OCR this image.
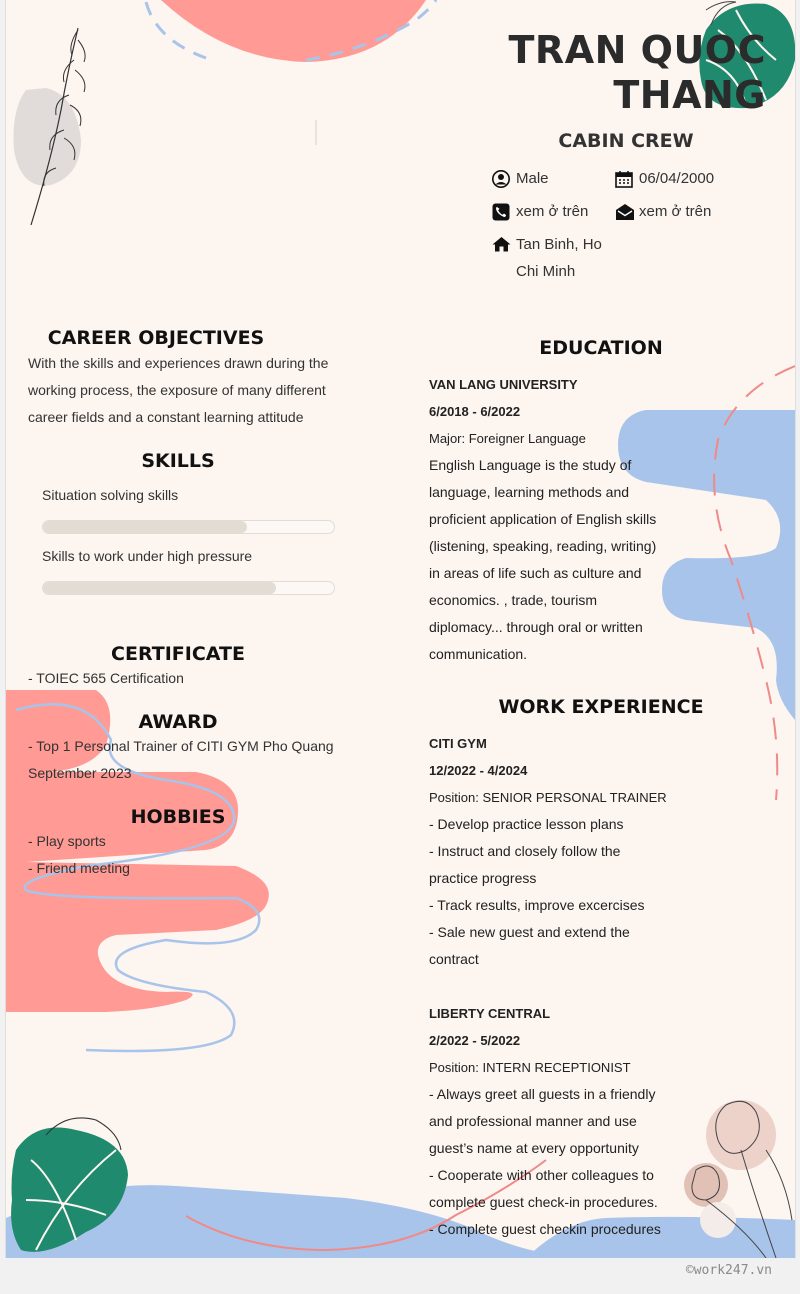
TRAN QUOC
THANG
CABIN CREW
Male	06/04/2000
xem ở trên	xem ở trên
Tan Binh, Ho
Chi Minh
CAREER OBJECTIVES
With the skills and experiences drawn during the
working process, the exposure of many different
career fields and a constant learning attitude
SKILLS
Situation solving skills
Skills to work under high pressure
CERTIFICATE
- TOIEC 565 Certification
AWARD
- Top 1 Personal Trainer of CITI GYM Pho Quang
September 2023
HOBBIES
- Play sports
- Friend meeting
EDUCATION
VAN LANG UNIVERSITY
6/2018 - 6/2022
Major: Foreigner Language
English Language is the study of
language, learning methods and
proficient application of English skills
(listening, speaking, reading, writing)
in areas of life such as culture and
economics. , trade, tourism
diplomacy... through oral or written
communication.
WORK EXPERIENCE
CITI GYM
12/2022 - 4/2024
Position: SENIOR PERSONAL TRAINER
- Develop practice lesson plans
- Instruct and closely follow the
practice progress
- Track results, improve excercises
- Sale new guest and extend the
contract
LIBERTY CENTRAL
2/2022 - 5/2022
Position: INTERN RECEPTIONIST
- Always greet all guests in a friendly
and professional manner and use
guest’s name at every opportunity
- Cooperate with other colleagues to
complete guest check-in procedures.
- Complete guest checkin procedures
©work247.vn
